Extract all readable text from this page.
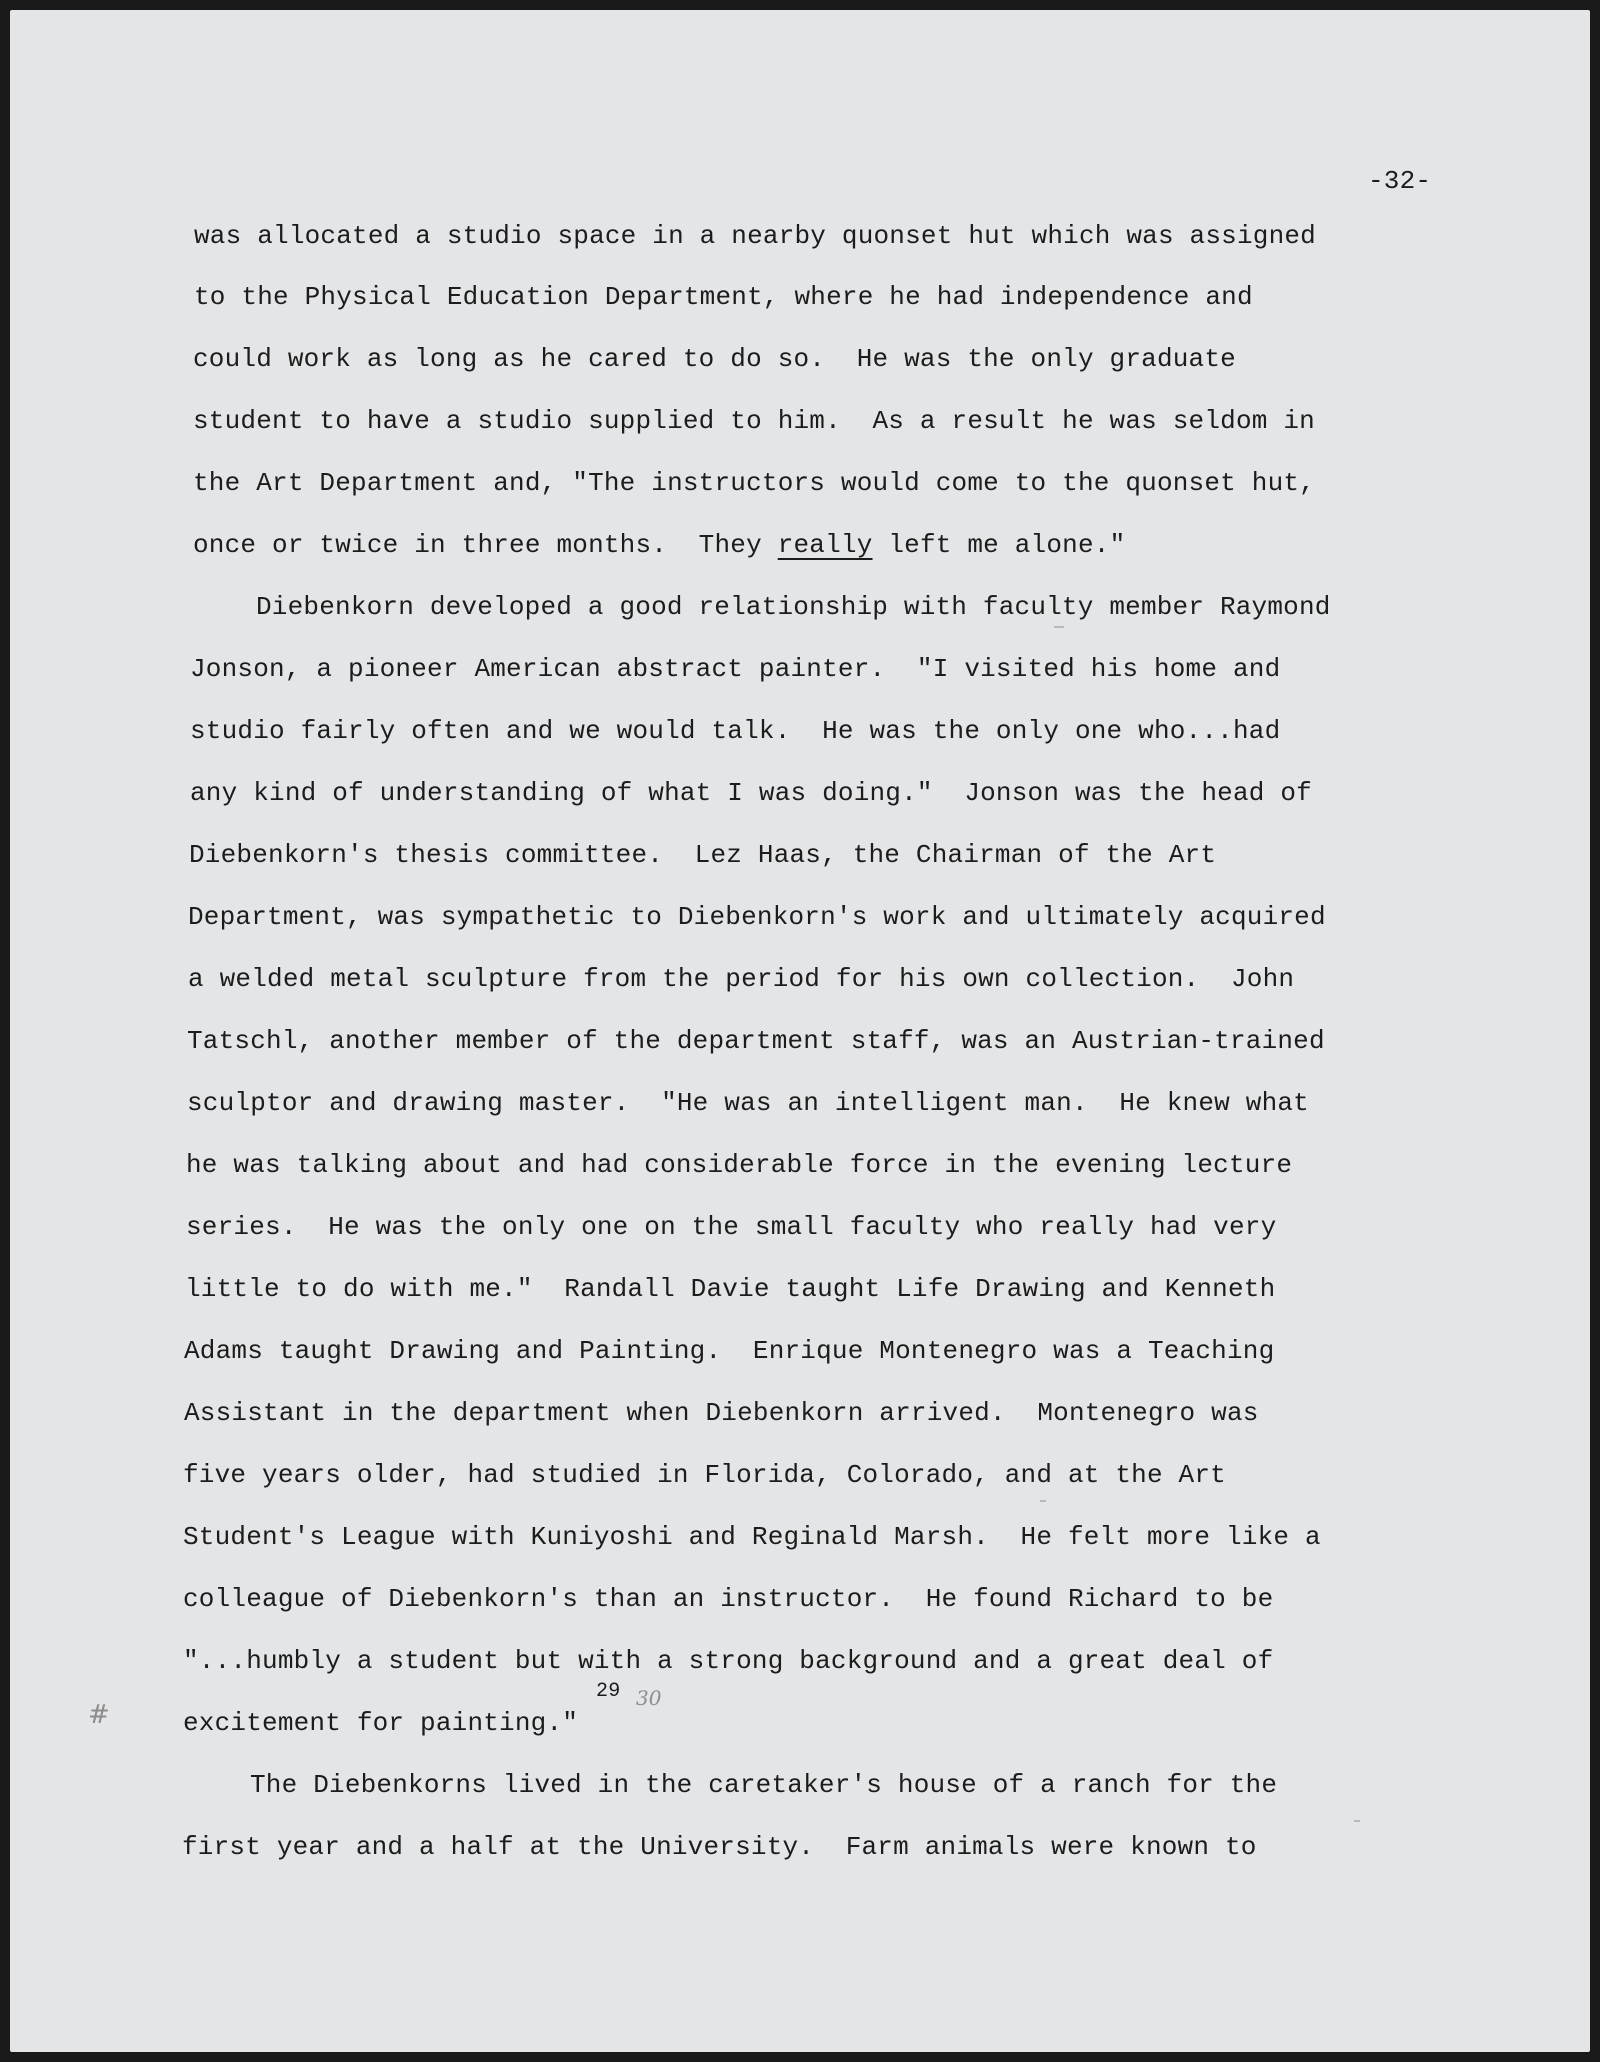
-32-

was allocated a studio space in a nearby quonset hut which was assigned

to the Physical Education Department, where he had independence and

could work as long as he cared to do so.  He was the only graduate

student to have a studio supplied to him.  As a result he was seldom in

the Art Department and, "The instructors would come to the quonset hut,

once or twice in three months.  They really left me alone."

Diebenkorn developed a good relationship with faculty member Raymond

Jonson, a pioneer American abstract painter.  "I visited his home and

studio fairly often and we would talk.  He was the only one who...had

any kind of understanding of what I was doing."  Jonson was the head of

Diebenkorn's thesis committee.  Lez Haas, the Chairman of the Art

Department, was sympathetic to Diebenkorn's work and ultimately acquired

a welded metal sculpture from the period for his own collection.  John

Tatschl, another member of the department staff, was an Austrian-trained

sculptor and drawing master.  "He was an intelligent man.  He knew what

he was talking about and had considerable force in the evening lecture

series.  He was the only one on the small faculty who really had very

little to do with me."  Randall Davie taught Life Drawing and Kenneth

Adams taught Drawing and Painting.  Enrique Montenegro was a Teaching

Assistant in the department when Diebenkorn arrived.  Montenegro was

five years older, had studied in Florida, Colorado, and at the Art

Student's League with Kuniyoshi and Reginald Marsh.  He felt more like a

colleague of Diebenkorn's than an instructor.  He found Richard to be

"...humbly a student but with a strong background and a great deal of

excitement for painting."

The Diebenkorns lived in the caretaker's house of a ranch for the

first year and a half at the University.  Farm animals were known to

29 30
#
